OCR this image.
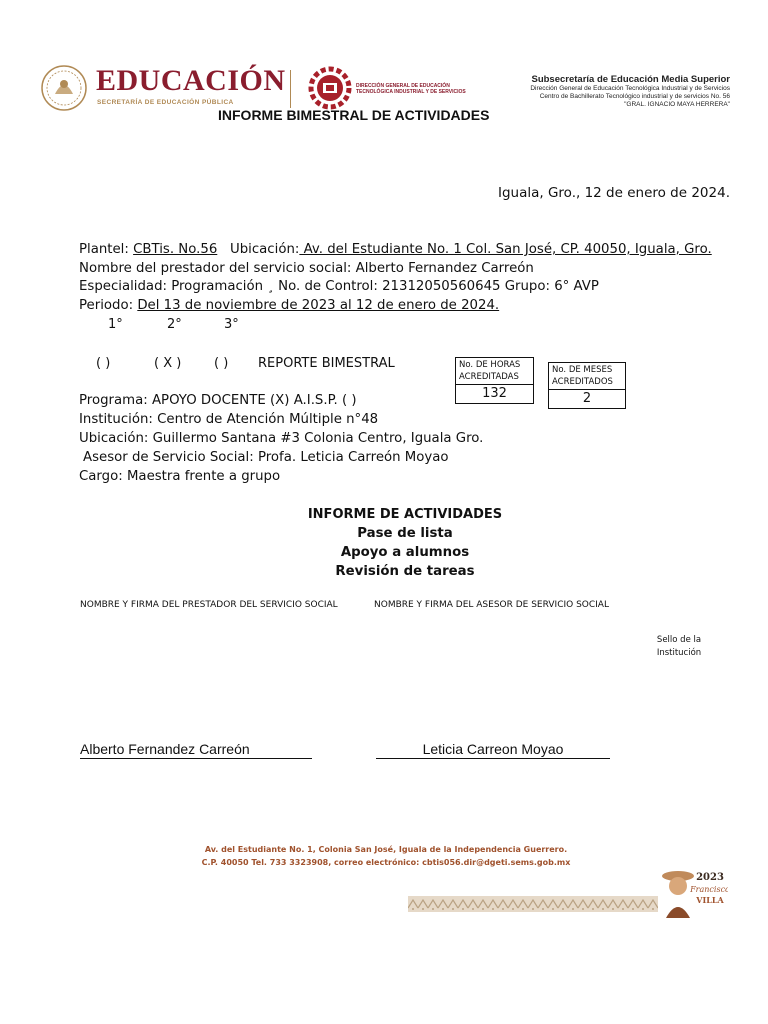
EDUCACIÓN
SECRETARÍA DE EDUCACIÓN PÚBLICA
DIRECCIÓN GENERAL DE EDUCACIÓN TECNOLÓGICA INDUSTRIAL Y DE SERVICIOS
Subsecretaría de Educación Media Superior
Dirección General de Educación Tecnológica Industrial y de Servicios
Centro de Bachillerato Tecnológico industrial y de servicios No. 56
"GRAL. IGNACIO MAYA HERRERA"
INFORME BIMESTRAL DE ACTIVIDADES
Iguala, Gro., 12 de enero de 2024.
Plantel: CBTis. No.56 Ubicación: Av. del Estudiante No. 1 Col. San José, CP. 40050, Iguala, Gro.
Nombre del prestador del servicio social: Alberto Fernandez Carreón
Especialidad: Programación ¸ No. de Control: 21312050560645 Grupo: 6° AVP
Periodo: Del 13 de noviembre de 2023 al 12 de enero de 2024.
1°	2°	3°
( )	( X )	( ) REPORTE BIMESTRAL	No. DE HORAS ACREDITADAS
132
No. DE MESES ACREDITADOS
2
Programa: APOYO DOCENTE (X) A.I.S.P. ( )
Institución: Centro de Atención Múltiple n°48
Ubicación: Guillermo Santana #3 Colonia Centro, Iguala Gro.
Asesor de Servicio Social: Profa. Leticia Carreón Moyao
Cargo: Maestra frente a grupo
INFORME DE ACTIVIDADES
Pase de lista
Apoyo a alumnos
Revisión de tareas
NOMBRE Y FIRMA DEL PRESTADOR DEL SERVICIO SOCIAL	NOMBRE Y FIRMA DEL ASESOR DE SERVICIO SOCIAL
Sello de la Institución
Alberto Fernandez Carreón	Leticia Carreon Moyao
Av. del Estudiante No. 1, Colonia San José, Iguala de la Independencia Guerrero.
C.P. 40050 Tel. 733 3323908, correo electrónico: cbtis056.dir@dgeti.sems.gob.mx
2023
Francisco
VILLA
